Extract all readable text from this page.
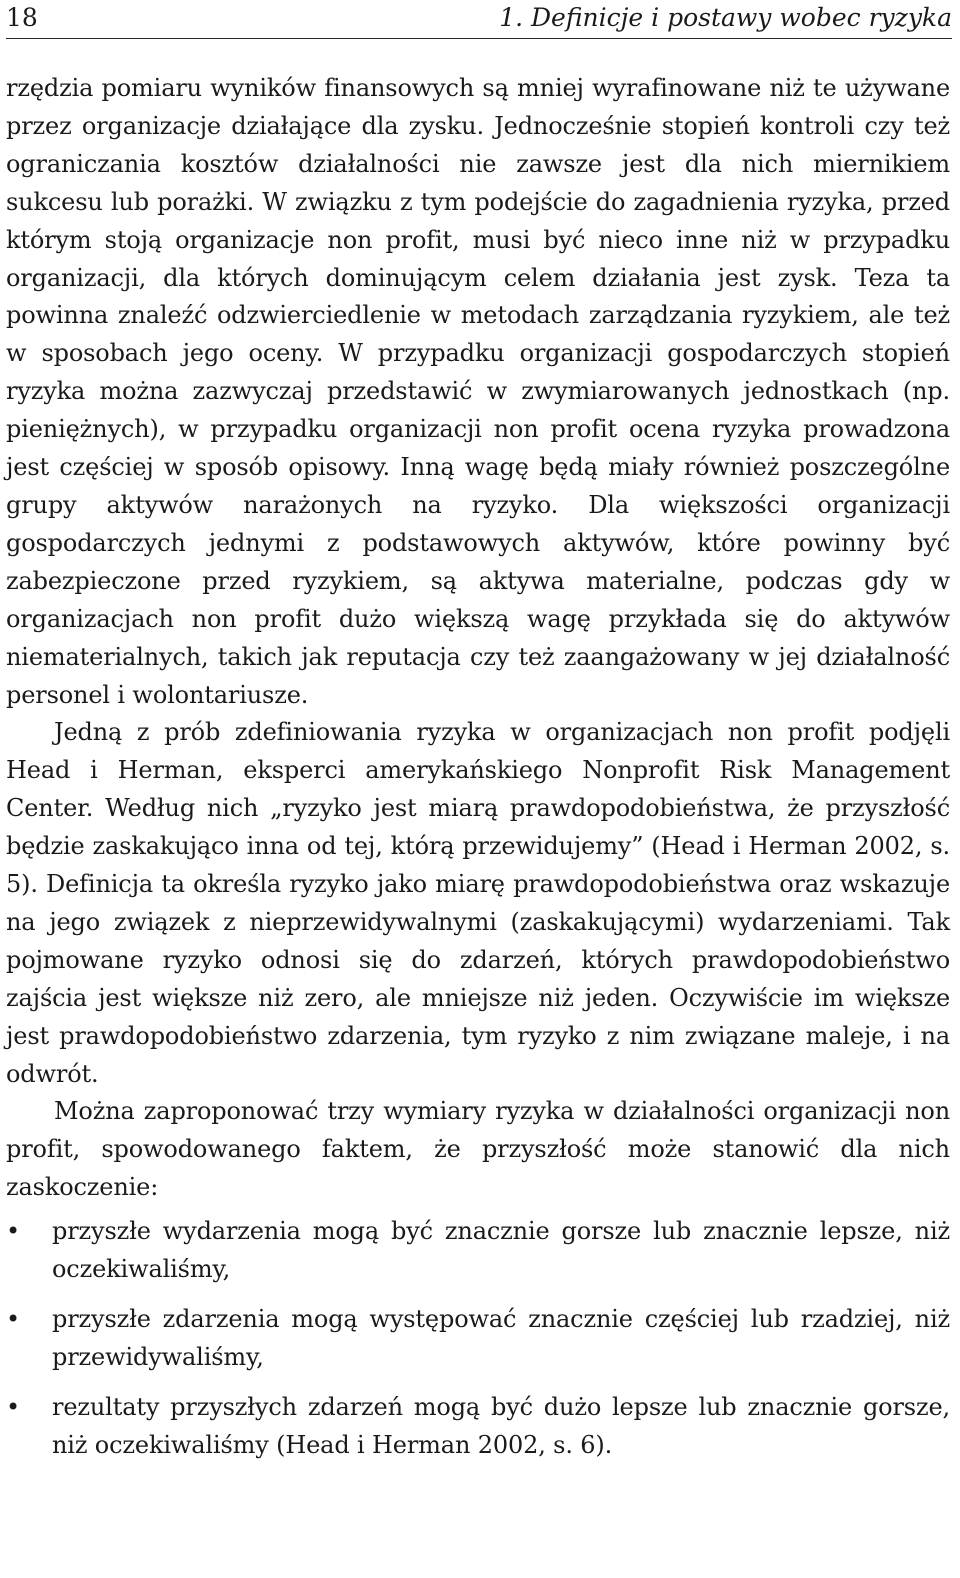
18	1. Definicje i postawy wobec ryzyka

rzędzia pomiaru wyników finansowych są mniej wyrafinowane niż te używane przez organizacje działające dla zysku. Jednocześnie stopień kontroli czy też ograniczania kosztów działalności nie zawsze jest dla nich miernikiem sukcesu lub porażki. W związku z tym podejście do zagadnienia ryzyka, przed którym stoją organizacje non profit, musi być nieco inne niż w przypadku organizacji, dla których dominującym celem działania jest zysk. Teza ta powinna znaleźć odzwierciedlenie w metodach zarządzania ryzykiem, ale też w sposobach jego oceny. W przypadku organizacji gospodarczych stopień ryzyka można zazwyczaj przedstawić w zwymiarowanych jednostkach (np. pieniężnych), w przypadku organizacji non profit ocena ryzyka prowadzona jest częściej w sposób opisowy. Inną wagę będą miały również poszczególne grupy aktywów narażonych na ryzyko. Dla większości organizacji gospodarczych jednymi z podstawowych aktywów, które powinny być zabezpieczone przed ryzykiem, są aktywa materialne, podczas gdy w organizacjach non profit dużo większą wagę przykłada się do aktywów niematerialnych, takich jak reputacja czy też zaangażowany w jej działalność personel i wolontariusze.

Jedną z prób zdefiniowania ryzyka w organizacjach non profit podjęli Head i Herman, eksperci amerykańskiego Nonprofit Risk Management Center. Według nich „ryzyko jest miarą prawdopodobieństwa, że przyszłość będzie zaskakująco inna od tej, którą przewidujemy” (Head i Herman 2002, s. 5). Definicja ta określa ryzyko jako miarę prawdopodobieństwa oraz wskazuje na jego związek z nieprzewidywalnymi (zaskakującymi) wydarzeniami. Tak pojmowane ryzyko odnosi się do zdarzeń, których prawdopodobieństwo zajścia jest większe niż zero, ale mniejsze niż jeden. Oczywiście im większe jest prawdopodobieństwo zdarzenia, tym ryzyko z nim związane maleje, i na odwrót.

Można zaproponować trzy wymiary ryzyka w działalności organizacji non profit, spowodowanego faktem, że przyszłość może stanowić dla nich zaskoczenie:

• przyszłe wydarzenia mogą być znacznie gorsze lub znacznie lepsze, niż oczekiwaliśmy,
• przyszłe zdarzenia mogą występować znacznie częściej lub rzadziej, niż przewidywaliśmy,
• rezultaty przyszłych zdarzeń mogą być dużo lepsze lub znacznie gorsze, niż oczekiwaliśmy (Head i Herman 2002, s. 6).
